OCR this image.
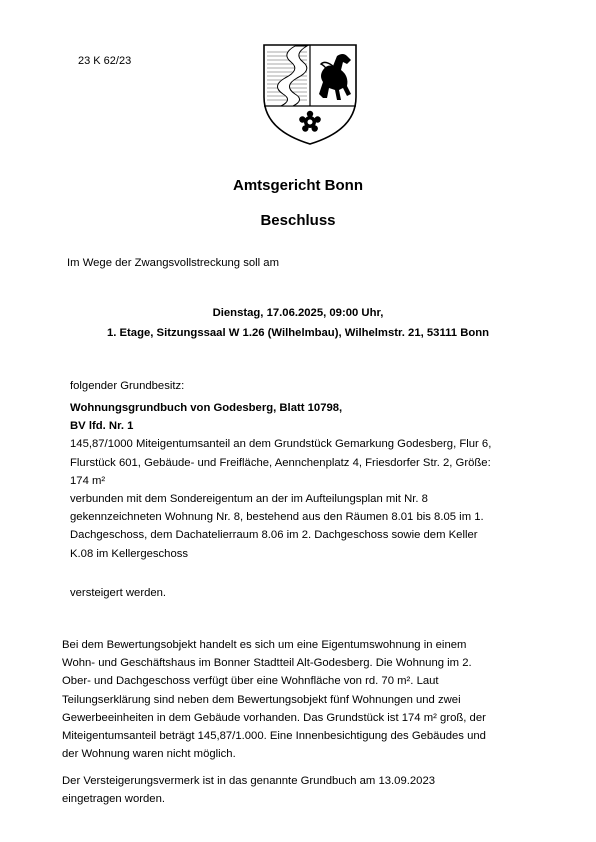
23 K 62/23
Amtsgericht Bonn
Beschluss
Im Wege der Zwangsvollstreckung soll am
Dienstag, 17.06.2025, 09:00 Uhr,
1. Etage, Sitzungssaal W 1.26 (Wilhelmbau), Wilhelmstr. 21, 53111 Bonn
folgender Grundbesitz:
Wohnungsgrundbuch von Godesberg, Blatt 10798,
BV lfd. Nr. 1
145,87/1000 Miteigentumsanteil an dem Grundstück Gemarkung Godesberg, Flur 6,
Flurstück 601, Gebäude- und Freifläche, Aennchenplatz 4, Friesdorfer Str. 2, Größe:
174 m²
verbunden mit dem Sondereigentum an der im Aufteilungsplan mit Nr. 8
gekennzeichneten Wohnung Nr. 8, bestehend aus den Räumen 8.01 bis 8.05 im 1.
Dachgeschoss, dem Dachatelierraum 8.06 im 2. Dachgeschoss sowie dem Keller
K.08 im Kellergeschoss
versteigert werden.
Bei dem Bewertungsobjekt handelt es sich um eine Eigentumswohnung in einem
Wohn- und Geschäftshaus im Bonner Stadtteil Alt-Godesberg. Die Wohnung im 2.
Ober- und Dachgeschoss verfügt über eine Wohnfläche von rd. 70 m². Laut
Teilungserklärung sind neben dem Bewertungsobjekt fünf Wohnungen und zwei
Gewerbeeinheiten in dem Gebäude vorhanden. Das Grundstück ist 174 m² groß, der
Miteigentumsanteil beträgt 145,87/1.000. Eine Innenbesichtigung des Gebäudes und
der Wohnung waren nicht möglich.
Der Versteigerungsvermerk ist in das genannte Grundbuch am 13.09.2023
eingetragen worden.
